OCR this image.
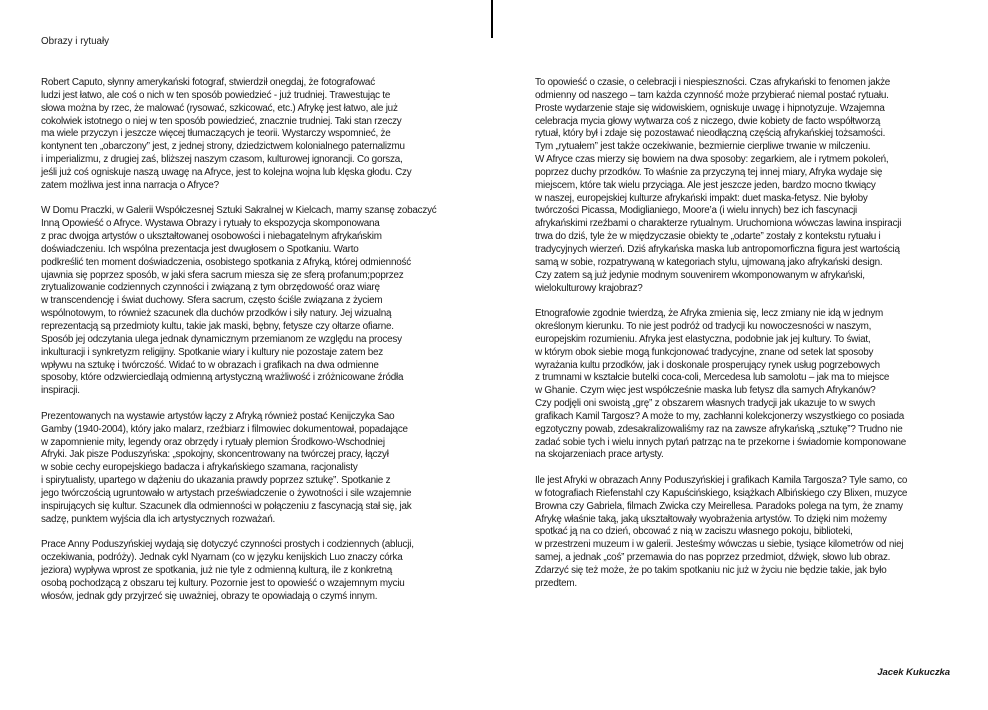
Obrazy i rytuały

Robert Caputo, słynny amerykański fotograf, stwierdził onegdaj, że fotografować
ludzi jest łatwo, ale coś o nich w ten sposób powiedzieć - już trudniej. Trawestując te
słowa można by rzec, że malować (rysować, szkicować, etc.) Afrykę jest łatwo, ale już
cokolwiek istotnego o niej w ten sposób powiedzieć, znacznie trudniej. Taki stan rzeczy
ma wiele przyczyn i jeszcze więcej tłumaczących je teorii. Wystarczy wspomnieć, że
kontynent ten „obarczony” jest, z jednej strony, dziedzictwem kolonialnego paternalizmu
i imperializmu, z drugiej zaś, bliższej naszym czasom, kulturowej ignorancji. Co gorsza,
jeśli już coś ogniskuje naszą uwagę na Afryce, jest to kolejna wojna lub klęska głodu. Czy
zatem możliwa jest inna narracja o Afryce?

W Domu Praczki, w Galerii Współczesnej Sztuki Sakralnej w Kielcach, mamy szansę zobaczyć
Inną Opowieść o Afryce. Wystawa Obrazy i rytuały to ekspozycja skomponowana
z prac dwojga artystów o ukształtowanej osobowości i niebagatelnym afrykańskim
doświadczeniu. Ich wspólna prezentacja jest dwugłosem o Spotkaniu. Warto
podkreślić ten moment doświadczenia, osobistego spotkania z Afryką, której odmienność
ujawnia się poprzez sposób, w jaki sfera sacrum miesza się ze sferą profanum;poprzez
zrytualizowanie codziennych czynności i związaną z tym obrzędowość oraz wiarę
w transcendencję i świat duchowy. Sfera sacrum, często ściśle związana z życiem
wspólnotowym, to również szacunek dla duchów przodków i siły natury. Jej wizualną
reprezentacją są przedmioty kultu, takie jak maski, bębny, fetysze czy ołtarze ofiarne.
Sposób jej odczytania ulega jednak dynamicznym przemianom ze względu na procesy
inkulturacji i synkretyzm religijny. Spotkanie wiary i kultury nie pozostaje zatem bez
wpływu na sztukę i twórczość. Widać to w obrazach i grafikach na dwa odmienne
sposoby, które odzwierciedlają odmienną artystyczną wrażliwość i zróżnicowane źródła
inspiracji.

Prezentowanych na wystawie artystów łączy z Afryką również postać Kenijczyka Sao
Gamby (1940-2004), który jako malarz, rzeźbiarz i filmowiec dokumentował, popadające
w zapomnienie mity, legendy oraz obrzędy i rytuały plemion Środkowo-Wschodniej
Afryki. Jak pisze Poduszyńska: „spokojny, skoncentrowany na twórczej pracy, łączył
w sobie cechy europejskiego badacza i afrykańskiego szamana, racjonalisty
i spirytualisty, upartego w dążeniu do ukazania prawdy poprzez sztukę”. Spotkanie z
jego twórczością ugruntowało w artystach przeświadczenie o żywotności i sile wzajemnie
inspirujących się kultur. Szacunek dla odmienności w połączeniu z fascynacją stał się, jak
sadzę, punktem wyjścia dla ich artystycznych rozważań.

Prace Anny Poduszyńskiej wydają się dotyczyć czynności prostych i codziennych (ablucji,
oczekiwania, podróży). Jednak cykl Nyarnam (co w języku kenijskich Luo znaczy córka
jeziora) wypływa wprost ze spotkania, już nie tyle z odmienną kulturą, ile z konkretną
osobą pochodzącą z obszaru tej kultury. Pozornie jest to opowieść o wzajemnym myciu
włosów, jednak gdy przyjrzeć się uważniej, obrazy te opowiadają o czymś innym.

To opowieść o czasie, o celebracji i niespieszności. Czas afrykański to fenomen jakże
odmienny od naszego – tam każda czynność może przybierać niemal postać rytuału.
Proste wydarzenie staje się widowiskiem, ogniskuje uwagę i hipnotyzuje. Wzajemna
celebracja mycia głowy wytwarza coś z niczego, dwie kobiety de facto współtworzą
rytuał, który był i zdaje się pozostawać nieodłączną częścią afrykańskiej tożsamości.
Tym „rytuałem” jest także oczekiwanie, bezmiernie cierpliwe trwanie w milczeniu.
W Afryce czas mierzy się bowiem na dwa sposoby: zegarkiem, ale i rytmem pokoleń,
poprzez duchy przodków. To właśnie za przyczyną tej innej miary, Afryka wydaje się
miejscem, które tak wielu przyciąga. Ale jest jeszcze jeden, bardzo mocno tkwiący
w naszej, europejskiej kulturze afrykański impakt: duet maska-fetysz. Nie byłoby
twórczości Picassa, Modiglianiego, Moore’a (i wielu innych) bez ich fascynacji
afrykańskimi rzeźbami o charakterze rytualnym. Uruchomiona wówczas lawina inspiracji
trwa do dziś, tyle że w międzyczasie obiekty te „odarte” zostały z kontekstu rytuału i
tradycyjnych wierzeń. Dziś afrykańska maska lub antropomorficzna figura jest wartością
samą w sobie, rozpatrywaną w kategoriach stylu, ujmowaną jako afrykański design.
Czy zatem są już jedynie modnym souvenirem wkomponowanym w afrykański,
wielokulturowy krajobraz?

Etnografowie zgodnie twierdzą, że Afryka zmienia się, lecz zmiany nie idą w jednym
określonym kierunku. To nie jest podróż od tradycji ku nowoczesności w naszym,
europejskim rozumieniu. Afryka jest elastyczna, podobnie jak jej kultury. To świat,
w którym obok siebie mogą funkcjonować tradycyjne, znane od setek lat sposoby
wyrażania kultu przodków, jak i doskonale prosperujący rynek usług pogrzebowych
z trumnami w kształcie butelki coca-coli, Mercedesa lub samolotu – jak ma to miejsce
w Ghanie. Czym więc jest współcześnie maska lub fetysz dla samych Afrykanów?
Czy podjęli oni swoistą „grę” z obszarem własnych tradycji jak ukazuje to w swych
grafikach Kamil Targosz? A może to my, zachłanni kolekcjonerzy wszystkiego co posiada
egzotyczny powab, zdesakralizowaliśmy raz na zawsze afrykańską „sztukę”? Trudno nie
zadać sobie tych i wielu innych pytań patrząc na te przekorne i świadomie komponowane
na skojarzeniach prace artysty.

Ile jest Afryki w obrazach Anny Poduszyńskiej i grafikach Kamila Targosza? Tyle samo, co
w fotografiach Riefenstahl czy Kapuścińskiego, książkach Albińskiego czy Blixen, muzyce
Browna czy Gabriela, filmach Zwicka czy Meirellesa. Paradoks polega na tym, że znamy
Afrykę właśnie taką, jaką ukształtowały wyobrażenia artystów. To dzięki nim możemy
spotkać ją na co dzień, obcować z nią w zaciszu własnego pokoju, biblioteki,
w przestrzeni muzeum i w galerii. Jesteśmy wówczas u siebie, tysiące kilometrów od niej
samej, a jednak „coś” przemawia do nas poprzez przedmiot, dźwięk, słowo lub obraz.
Zdarzyć się też może, że po takim spotkaniu nic już w życiu nie będzie takie, jak było
przedtem.

Jacek Kukuczka
